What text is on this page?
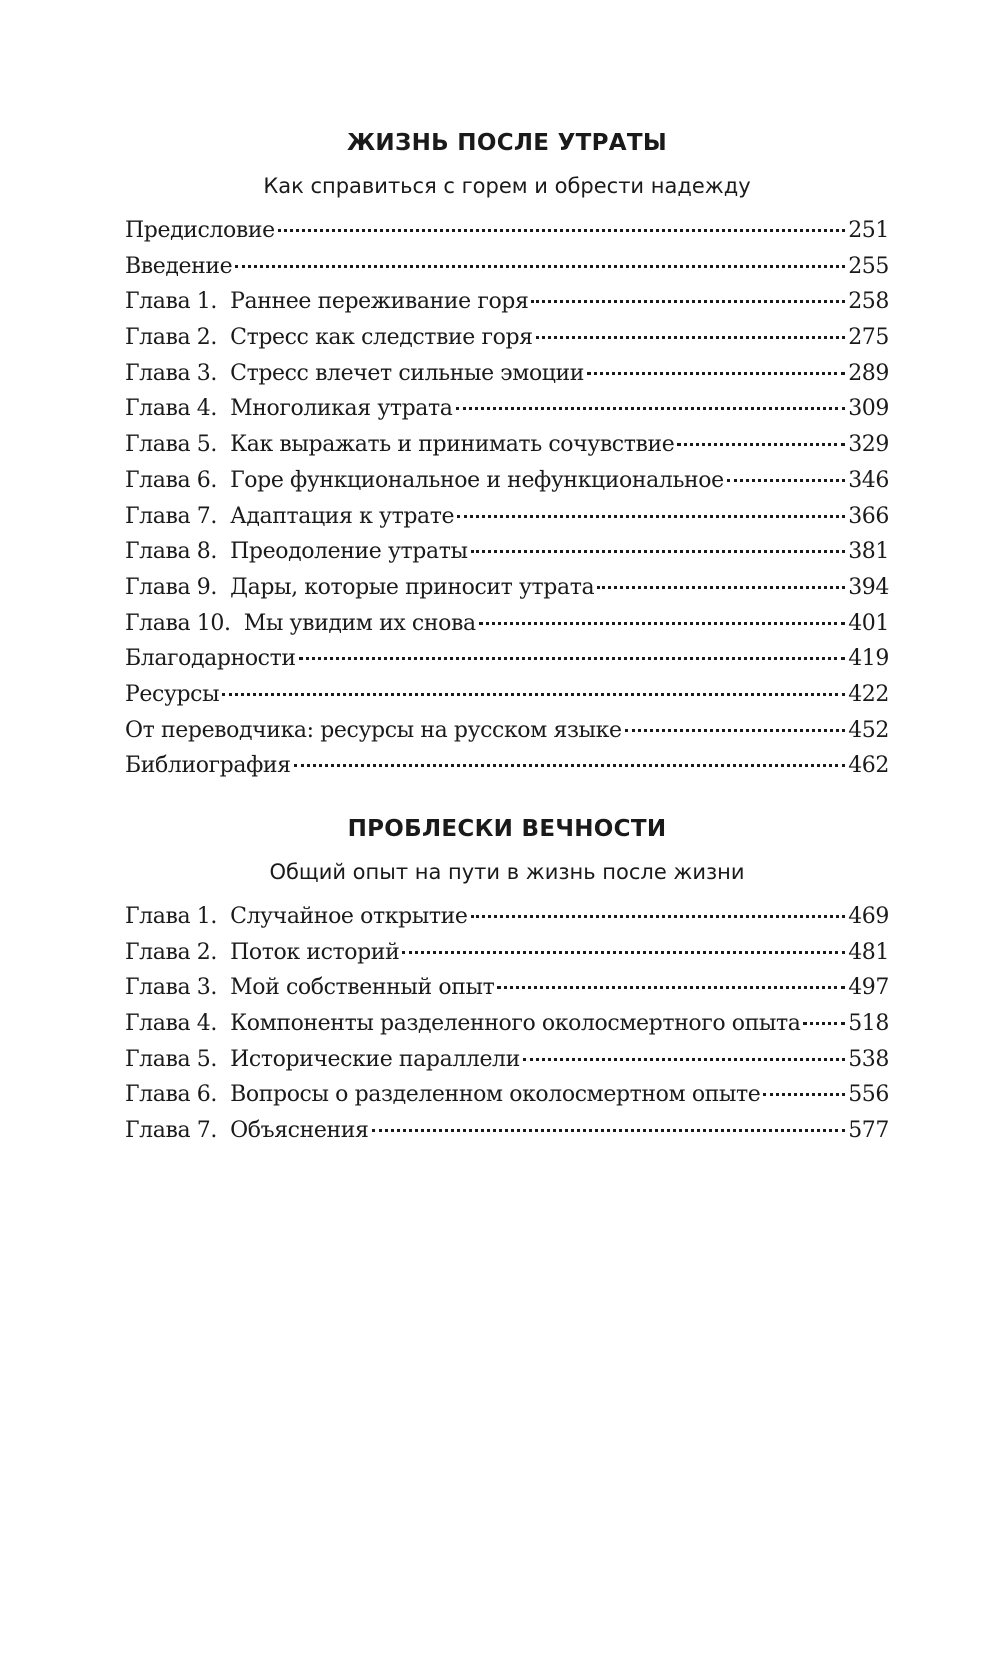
ЖИЗНЬ ПОСЛЕ УТРАТЫ

Как справиться с горем и обрести надежду

Предисловие	251
Введение	255
Глава 1.  Раннее переживание горя	258
Глава 2.  Стресс как следствие горя	275
Глава 3.  Стресс влечет сильные эмоции	289
Глава 4.  Многоликая утрата	309
Глава 5.  Как выражать и принимать сочувствие	329
Глава 6.  Горе функциональное и нефункциональное	346
Глава 7.  Адаптация к утрате	366
Глава 8.  Преодоление утраты	381
Глава 9.  Дары, которые приносит утрата	394
Глава 10.  Мы увидим их снова	401
Благодарности	419
Ресурсы	422
От переводчика: ресурсы на русском языке	452
Библиография	462
ПРОБЛЕСКИ ВЕЧНОСТИ

Общий опыт на пути в жизнь после жизни

Глава 1.  Случайное открытие	469
Глава 2.  Поток историй	481
Глава 3.  Мой собственный опыт	497
Глава 4.  Компоненты разделенного околосмертного опыта 518
Глава 5.  Исторические параллели	538
Глава 6.  Вопросы о разделенном околосмертном опыте	556
Глава 7.  Объяснения	577
